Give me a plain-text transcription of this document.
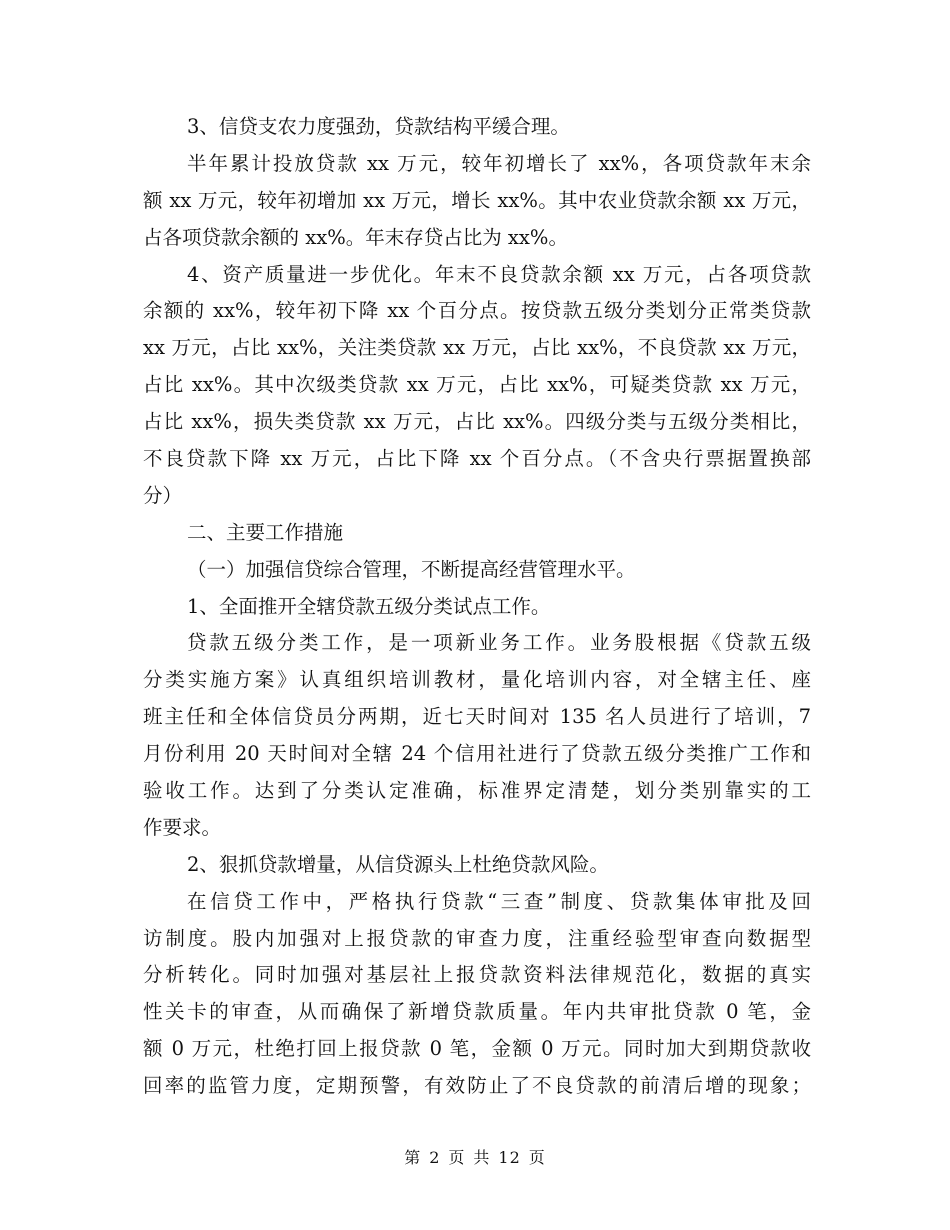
3、信贷支农力度强劲，贷款结构平缓合理。
半年累计投放贷款 xx 万元，较年初增长了 xx%，各项贷款年末余
额 xx 万元，较年初增加 xx 万元，增长 xx%。其中农业贷款余额 xx 万元，
占各项贷款余额的 xx%。年末存贷占比为 xx%。
4、资产质量进一步优化。年末不良贷款余额 xx 万元，占各项贷款
余额的 xx%，较年初下降 xx 个百分点。按贷款五级分类划分正常类贷款
xx 万元，占比 xx%，关注类贷款 xx 万元，占比 xx%，不良贷款 xx 万元，
占比 xx%。其中次级类贷款 xx 万元，占比 xx%，可疑类贷款 xx 万元，
占比 xx%，损失类贷款 xx 万元，占比 xx%。四级分类与五级分类相比，
不良贷款下降 xx 万元，占比下降 xx 个百分点。（不含央行票据置换部
分）
二、主要工作措施
（一）加强信贷综合管理，不断提高经营管理水平。
1、全面推开全辖贷款五级分类试点工作。
贷款五级分类工作，是一项新业务工作。业务股根据《贷款五级
分类实施方案》认真组织培训教材，量化培训内容，对全辖主任、座
班主任和全体信贷员分两期，近七天时间对 135 名人员进行了培训，7
月份利用 20 天时间对全辖 24 个信用社进行了贷款五级分类推广工作和
验收工作。达到了分类认定准确，标准界定清楚，划分类别靠实的工
作要求。
2、狠抓贷款增量，从信贷源头上杜绝贷款风险。
在信贷工作中，严格执行贷款“三查”制度、贷款集体审批及回
访制度。股内加强对上报贷款的审查力度，注重经验型审查向数据型
分析转化。同时加强对基层社上报贷款资料法律规范化，数据的真实
性关卡的审查，从而确保了新增贷款质量。年内共审批贷款 0 笔，金
额 0 万元，杜绝打回上报贷款 0 笔，金额 0 万元。同时加大到期贷款收
回率的监管力度，定期预警，有效防止了不良贷款的前清后增的现象；
第 2 页 共 12 页
